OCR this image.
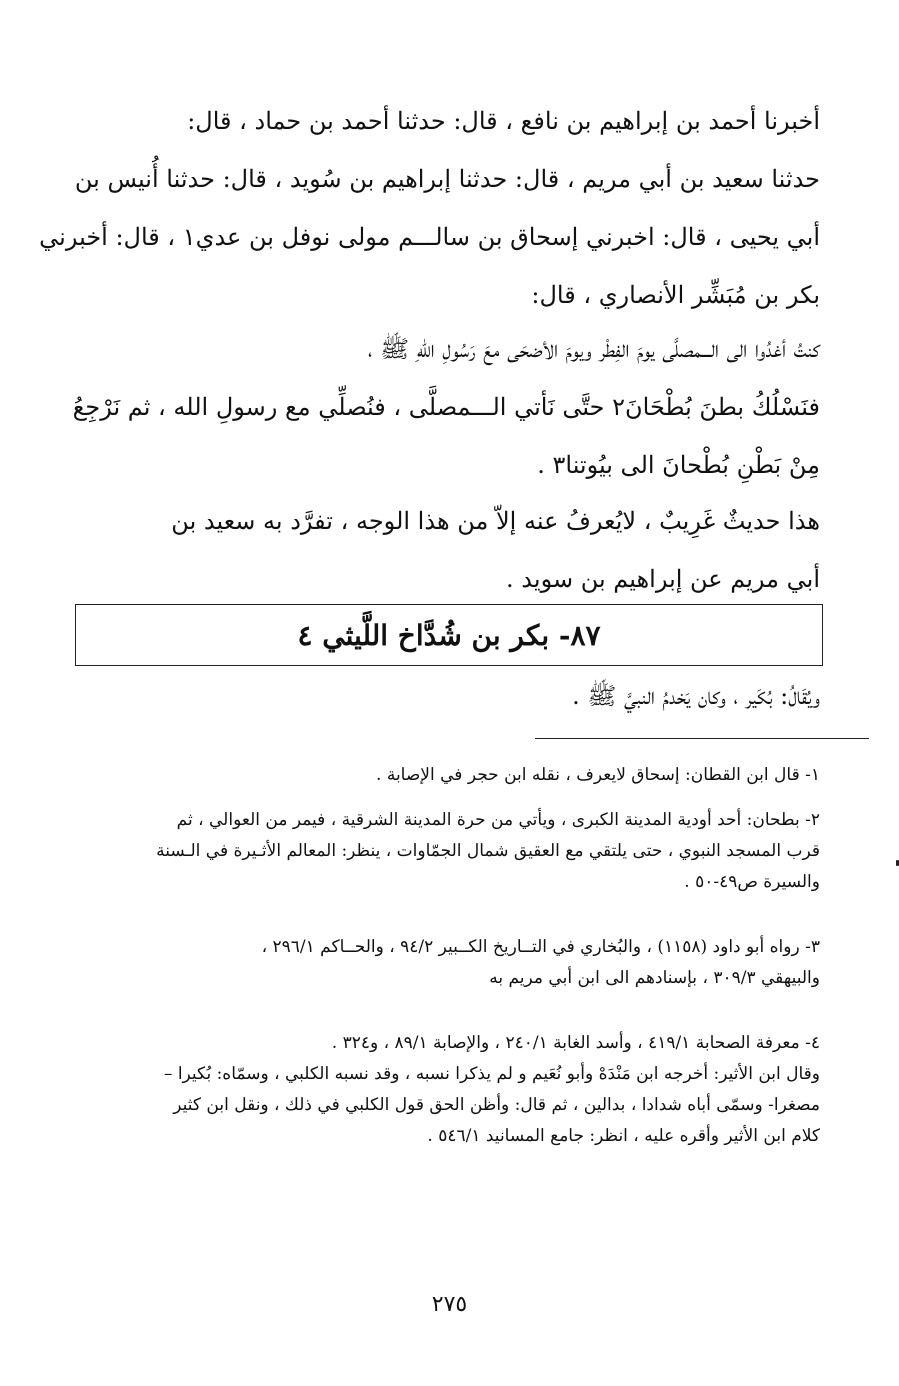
أخبرنا أحمد بن إبراهيم بن نافع ، قال: حدثنا أحمد بن حماد ، قال:
حدثنا سعيد بن أبي مريم ، قال: حدثنا إبراهيم بن سُويد ، قال: حدثنا أُنيس بن
أبي يحيى ، قال: اخبرني إسحاق بن سالـــم مولى نوفل بن عدي١ ، قال: أخبرني
بكر بن مُبَشِّر الأنصاري ، قال:
كنتُ أغدُوا الى الـــمصلَّى يومَ الفِطْر ويومَ الأضحَى معَ رَسُولِ اللهِ ﷺ ،
فنَسْلُكُ بطنَ بُطْحَانَ٢ حتَّى نَأتي الـــمصلَّى ، فنُصلِّي مع رسولِ الله ، ثم نَرْجِعُ
مِنْ بَطْنِ بُطْحانَ الى بيُوتنا٣ .
هذا حديثٌ غَرِيبٌ ، لايُعرفُ عنه إلاّ من هذا الوجه ، تفرَّد به سعيد بن
أبي مريم عن إبراهيم بن سويد .
٨٧- بكر بن شُدَّاخ اللَّيثي ٤
ويُقَالُ: بُكَير ، وكان يَخدمُ النبيَّ ﷺ .
١- قال ابن القطان: إسحاق لايعرف ، نقله ابن حجر في الإصابة .
٢- بطحان: أحد أودية المدينة الكبرى ، ويأتي من حرة المدينة الشرقية ، فيمر من العوالي ، ثم
قرب المسجد النبوي ، حتى يلتقي مع العقيق شمال الجمّاوات ، ينظر: المعالم الأثـيرة في الـسنة
والسيرة ص٤٩-٥٠ .
٣- رواه أبو داود (١١٥٨) ، والبُخاري في التــاريخ الكــبير ٩٤/٢ ، والحــاكم ٢٩٦/١ ،
والبيهقي ٣٠٩/٣ ، بإسنادهم الى ابن أبي مريم به
٤- معرفة الصحابة ٤١٩/١ ، وأسد الغابة ٢٤٠/١ ، والإصابة ٨٩/١ ، و٣٢٤ .
وقال ابن الأثير: أخرجه ابن مَنْدَهْ وأبو نُعَيم و لم يذكرا نسبه ، وقد نسبه الكلبي ، وسمّاه: بُكيرا –
مصغرا- وسمّى أباه شدادا ، بدالين ، ثم قال: وأظن الحق قول الكلبي في ذلك ، ونقل ابن كثير
كلام ابن الأثير وأقره عليه ، انظر: جامع المسانيد ٥٤٦/١ .
٢٧٥
